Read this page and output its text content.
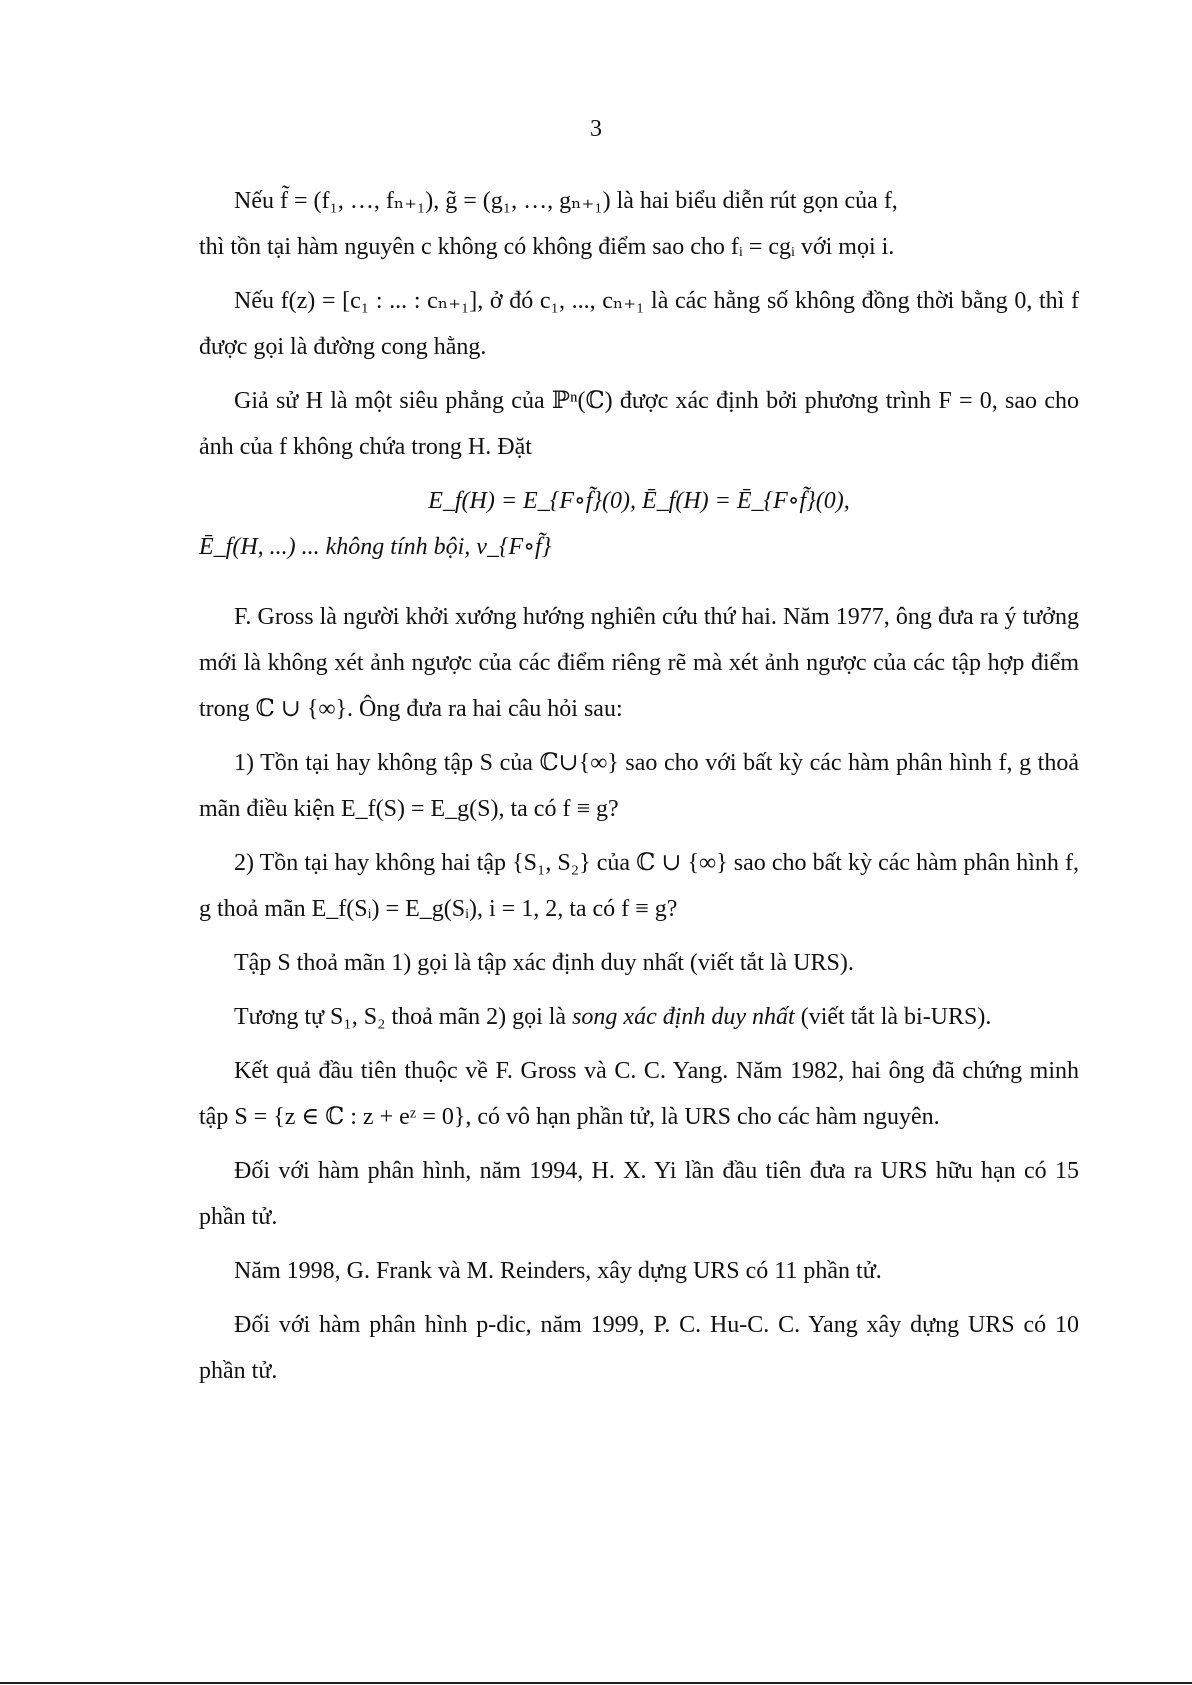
3

Nếu f̃ = (f₁, …, fₙ₊₁), g̃ = (g₁, …, gₙ₊₁) là hai biểu diễn rút gọn của f,

thì tồn tại hàm nguyên c không có không điểm sao cho fᵢ = cgᵢ với mọi i.

Nếu f(z) = [c₁ : ... : cₙ₊₁], ở đó c₁, ..., cₙ₊₁ là các hằng số không đồng thời bằng 0, thì f được gọi là đường cong hằng.

Giả sử H là một siêu phẳng của ℙⁿ(ℂ) được xác định bởi phương trình F = 0, sao cho ảnh của f không chứa trong H. Đặt

E_f(H) = E_{F∘f̃}(0), Ē_f(H) = Ē_{F∘f̃}(0),
Ē_f(H, ...) ... không tính bội, v_{F∘f̃}

F. Gross là người khởi xướng hướng nghiên cứu thứ hai. Năm 1977, ông đưa ra ý tưởng mới là không xét ảnh ngược của các điểm riêng rẽ mà xét ảnh ngược của các tập hợp điểm trong ℂ ∪ {∞}. Ông đưa ra hai câu hỏi sau:

1) Tồn tại hay không tập S của ℂ∪{∞} sao cho với bất kỳ các hàm phân hình f, g thoả mãn điều kiện E_f(S) = E_g(S), ta có f ≡ g?

2) Tồn tại hay không hai tập {S₁, S₂} của ℂ ∪ {∞} sao cho bất kỳ các hàm phân hình f, g thoả mãn E_f(Sᵢ) = E_g(Sᵢ), i = 1, 2, ta có f ≡ g?

Tập S thoả mãn 1) gọi là tập xác định duy nhất (viết tắt là URS).

Tương tự S₁, S₂ thoả mãn 2) gọi là song xác định duy nhất (viết tắt là bi-URS).

Kết quả đầu tiên thuộc về F. Gross và C. C. Yang. Năm 1982, hai ông đã chứng minh tập S = {z ∈ ℂ : z + eᶻ = 0}, có vô hạn phần tử, là URS cho các hàm nguyên.

Đối với hàm phân hình, năm 1994, H. X. Yi lần đầu tiên đưa ra URS hữu hạn có 15 phần tử.

Năm 1998, G. Frank và M. Reinders, xây dựng URS có 11 phần tử.

Đối với hàm phân hình p-dic, năm 1999, P. C. Hu-C. C. Yang xây dựng URS có 10 phần tử.
